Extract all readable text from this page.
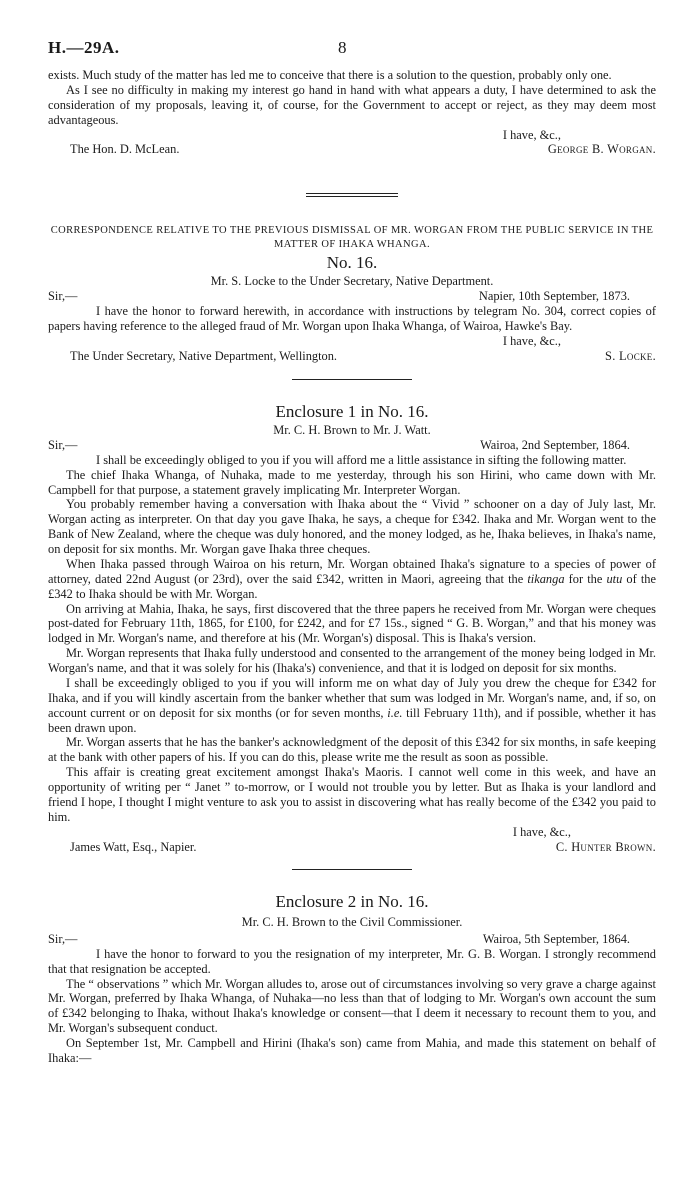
H.—29A.	8

exists. Much study of the matter has led me to conceive that there is a solution to the question, probably only one.

As I see no difficulty in making my interest go hand in hand with what appears a duty, I have determined to ask the consideration of my proposals, leaving it, of course, for the Government to accept or reject, as they may deem most advantageous.

I have, &c.,

The Hon. D. McLean.	George B. Worgan.
CORRESPONDENCE RELATIVE TO THE PREVIOUS DISMISSAL OF MR. WORGAN FROM THE PUBLIC SERVICE IN THE MATTER OF IHAKA WHANGA.
No. 16.
Mr. S. Locke to the Under Secretary, Native Department.
Sir,—	Napier, 10th September, 1873.

I have the honor to forward herewith, in accordance with instructions by telegram No. 304, correct copies of papers having reference to the alleged fraud of Mr. Worgan upon Ihaka Whanga, of Wairoa, Hawke's Bay.

I have, &c.,

The Under Secretary, Native Department, Wellington.	S. Locke.
Enclosure 1 in No. 16.
Mr. C. H. Brown to Mr. J. Watt.
Sir,—	Wairoa, 2nd September, 1864.

I shall be exceedingly obliged to you if you will afford me a little assistance in sifting the following matter.

The chief Ihaka Whanga, of Nuhaka, made to me yesterday, through his son Hirini, who came down with Mr. Campbell for that purpose, a statement gravely implicating Mr. Interpreter Worgan.

You probably remember having a conversation with Ihaka about the “ Vivid ” schooner on a day of July last, Mr. Worgan acting as interpreter. On that day you gave Ihaka, he says, a cheque for £342. Ihaka and Mr. Worgan went to the Bank of New Zealand, where the cheque was duly honored, and the money lodged, as he, Ihaka believes, in Ihaka's name, on deposit for six months. Mr. Worgan gave Ihaka three cheques.

When Ihaka passed through Wairoa on his return, Mr. Worgan obtained Ihaka's signature to a species of power of attorney, dated 22nd August (or 23rd), over the said £342, written in Maori, agreeing that the tikanga for the utu of the £342 to Ihaka should be with Mr. Worgan.

On arriving at Mahia, Ihaka, he says, first discovered that the three papers he received from Mr. Worgan were cheques post-dated for February 11th, 1865, for £100, for £242, and for £7 15s., signed “ G. B. Worgan,” and that his money was lodged in Mr. Worgan's name, and therefore at his (Mr. Worgan's) disposal. This is Ihaka's version.

Mr. Worgan represents that Ihaka fully understood and consented to the arrangement of the money being lodged in Mr. Worgan's name, and that it was solely for his (Ihaka's) convenience, and that it is lodged on deposit for six months.

I shall be exceedingly obliged to you if you will inform me on what day of July you drew the cheque for £342 for Ihaka, and if you will kindly ascertain from the banker whether that sum was lodged in Mr. Worgan's name, and, if so, on account current or on deposit for six months (or for seven months, i.e. till February 11th), and if possible, whether it has been drawn upon.

Mr. Worgan asserts that he has the banker's acknowledgment of the deposit of this £342 for six months, in safe keeping at the bank with other papers of his. If you can do this, please write me the result as soon as possible.

This affair is creating great excitement amongst Ihaka's Maoris. I cannot well come in this week, and have an opportunity of writing per “ Janet ” to-morrow, or I would not trouble you by letter. But as Ihaka is your landlord and friend I hope, I thought I might venture to ask you to assist in discovering what has really become of the £342 you paid to him.

I have, &c.,

James Watt, Esq., Napier.	C. Hunter Brown.
Enclosure 2 in No. 16.
Mr. C. H. Brown to the Civil Commissioner.
Sir,—	Wairoa, 5th September, 1864.

I have the honor to forward to you the resignation of my interpreter, Mr. G. B. Worgan. I strongly recommend that that resignation be accepted.

The “ observations ” which Mr. Worgan alludes to, arose out of circumstances involving so very grave a charge against Mr. Worgan, preferred by Ihaka Whanga, of Nuhaka—no less than that of lodging to Mr. Worgan's own account the sum of £342 belonging to Ihaka, without Ihaka's knowledge or consent—that I deem it necessary to recount them to you, and Mr. Worgan's subsequent conduct.

On September 1st, Mr. Campbell and Hirini (Ihaka's son) came from Mahia, and made this statement on behalf of Ihaka:—
